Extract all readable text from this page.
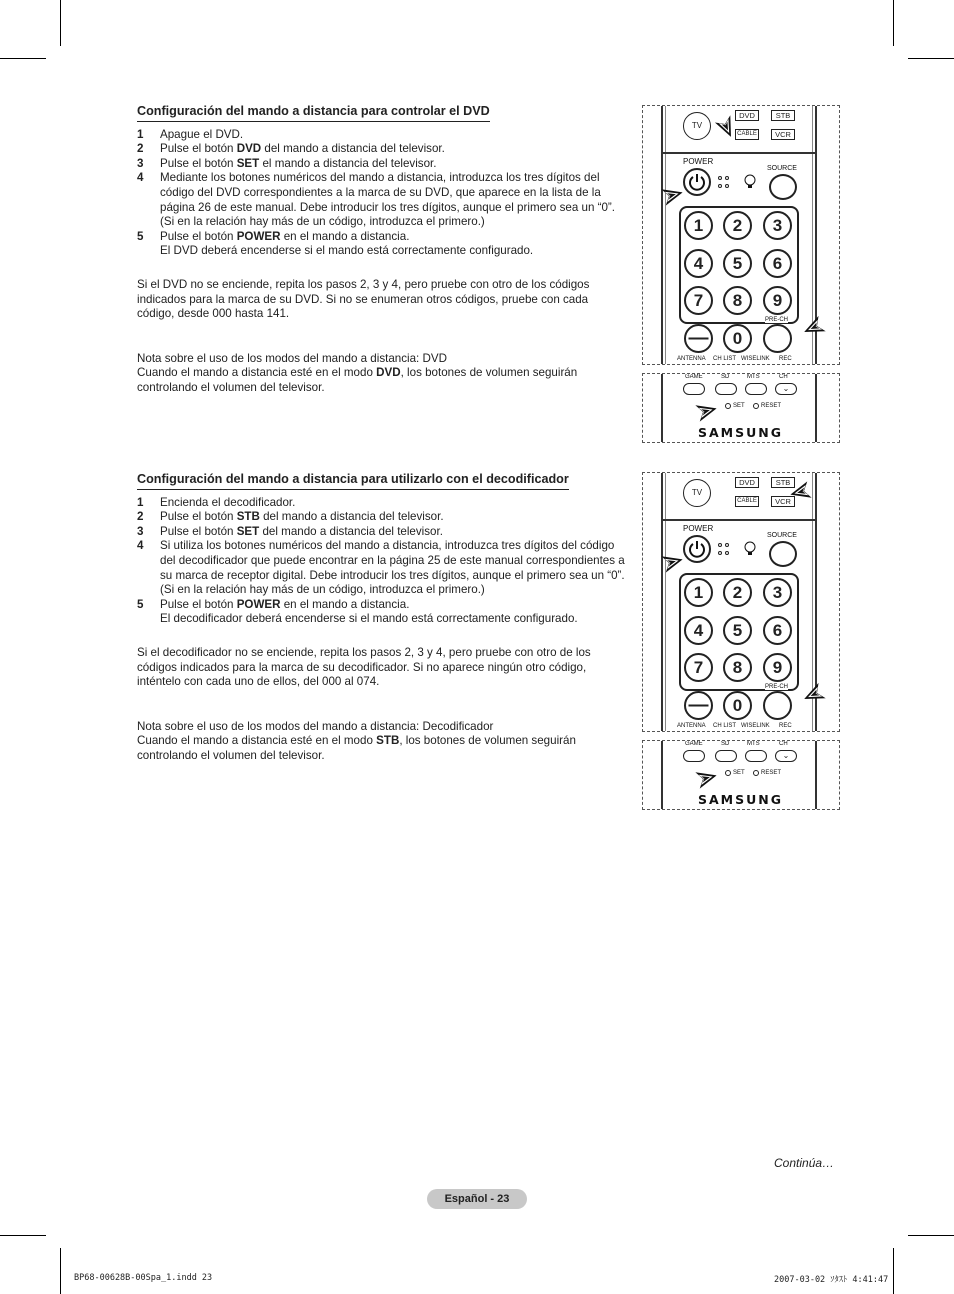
Configuración del mando a distancia para controlar el DVD
1	Apague el DVD.
2	Pulse el botón DVD del mando a distancia del televisor.
3	Pulse el botón SET el mando a distancia del televisor.
4	Mediante los botones numéricos del mando a distancia, introduzca los tres dígitos del
código del DVD correspondientes a la marca de su DVD, que aparece en la lista de la
página 26 de este manual. Debe introducir los tres dígitos, aunque el primero sea un “0”.
(Si en la relación hay más de un código, introduzca el primero.)
5	Pulse el botón POWER en el mando a distancia.
El DVD deberá encenderse si el mando está correctamente configurado.
Si el DVD no se enciende, repita los pasos 2, 3 y 4, pero pruebe con otro de los códigos
indicados para la marca de su DVD. Si no se enumeran otros códigos, pruebe con cada
código, desde 000 hasta 141.
Nota sobre el uso de los modos del mando a distancia: DVD
Cuando el mando a distancia esté en el modo DVD, los botones de volumen seguirán
controlando el volumen del televisor.
Configuración del mando a distancia para utilizarlo con el decodificador
1	Encienda el decodificador.
2	Pulse el botón STB del mando a distancia del televisor.
3	Pulse el botón SET del mando a distancia del televisor.
4	Si utiliza los botones numéricos del mando a distancia, introduzca tres dígitos del código
del decodificador que puede encontrar en la página 25 de este manual correspondientes a
su marca de receptor digital. Debe introducir los tres dígitos, aunque el primero sea un “0”.
(Si en la relación hay más de un código, introduzca el primero.)
5	Pulse el botón POWER en el mando a distancia.
El decodificador deberá encenderse si el mando está correctamente configurado.
Si el decodificador no se enciende, repita los pasos 2, 3 y 4, pero pruebe con otro de los
códigos indicados para la marca de su decodificador. Si no aparece ningún otro código,
inténtelo con cada uno de ellos, del 000 al 074.
Nota sobre el uso de los modos del mando a distancia: Decodificador
Cuando el mando a distancia esté en el modo STB, los botones de volumen seguirán
controlando el volumen del televisor.
TV
DVD	STB
CABLE	VCR
POWER
SOURCE
1	2	3
4	5	6
7	8	9
—	0
PRE-CH
ANTENNA CH LIST WISELINK REC
GAME	SD	MTS	CH
⌄
SET	RESET
SAMSUNG
TV
DVD	STB
CABLE	VCR
POWER
SOURCE
1	2	3
4	5	6
7	8	9
—	0
PRE-CH
ANTENNA CH LIST WISELINK REC
GAME	SD	MTS	CH
⌄
SET	RESET
SAMSUNG
Continúa…
Español - 23
BP68-00628B-00Spa_1.indd 23	2007-03-02 ｿﾀｽﾄ 4:41:47
